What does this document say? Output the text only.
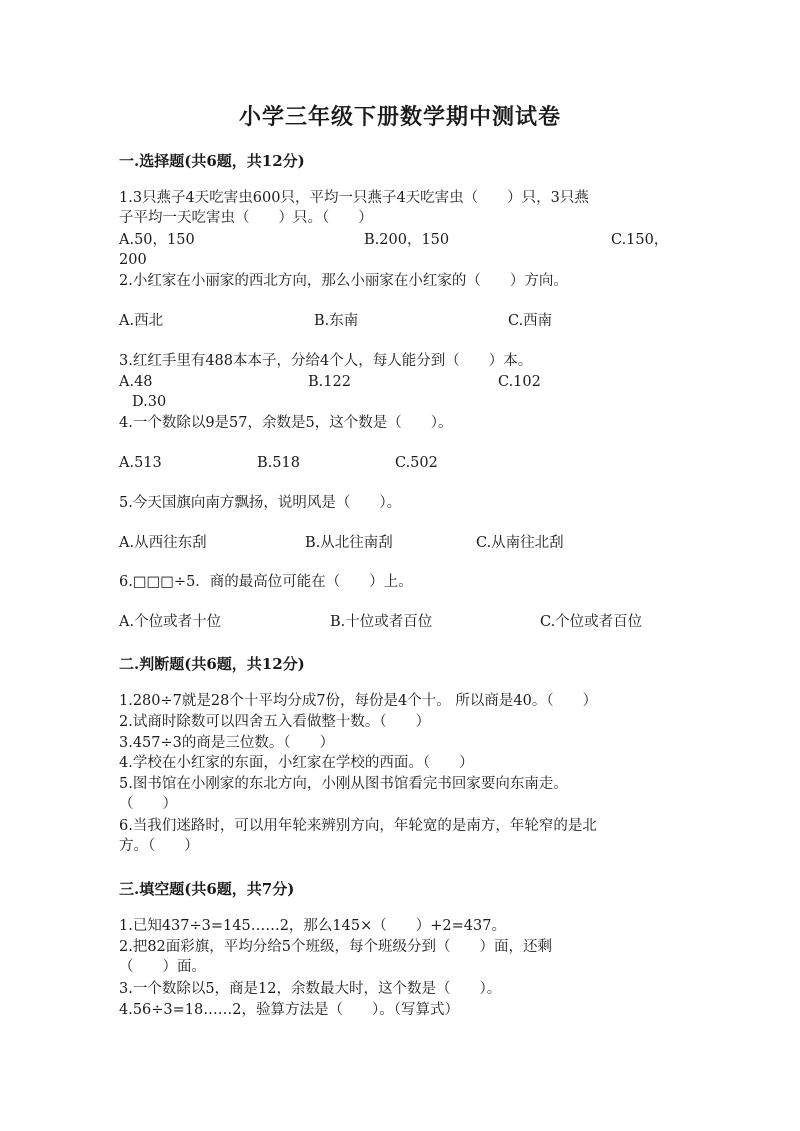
小学三年级下册数学期中测试卷
一.选择题(共6题，共12分)
1.3只燕子4天吃害虫600只，平均一只燕子4天吃害虫（　　）只，3只燕
子平均一天吃害虫（　　）只。（　　）
A.50，150	B.200，150	C.150，
200
2.小红家在小丽家的西北方向，那么小丽家在小红家的（　　）方向。
A.西北	B.东南	C.西南
3.红红手里有488本本子，分给4个人，每人能分到（　　）本。
A.48	B.122	C.102
D.30
4.一个数除以9是57，余数是5，这个数是（　　）。
A.513	B.518	C.502
5.今天国旗向南方飘扬，说明风是（　　）。
A.从西往东刮	B.从北往南刮	C.从南往北刮
6.□□□÷5．商的最高位可能在（　　）上。
A.个位或者十位	B.十位或者百位	C.个位或者百位
二.判断题(共6题，共12分)
1.280÷7就是28个十平均分成7份，每份是4个十。 所以商是40。（　　）
2.试商时除数可以四舍五入看做整十数。（　　）
3.457÷3的商是三位数。（　　）
4.学校在小红家的东面，小红家在学校的西面。（　　）
5.图书馆在小刚家的东北方向，小刚从图书馆看完书回家要向东南走。
（　　）
6.当我们迷路时，可以用年轮来辨别方向，年轮宽的是南方，年轮窄的是北
方。（　　）
三.填空题(共6题，共7分)
1.已知437÷3=145……2，那么145×（　　）+2=437。
2.把82面彩旗，平均分给5个班级，每个班级分到（　　）面，还剩
（　　）面。
3.一个数除以5，商是12，余数最大时，这个数是（　　）。
4.56÷3=18……2，验算方法是（　　）。（写算式）
